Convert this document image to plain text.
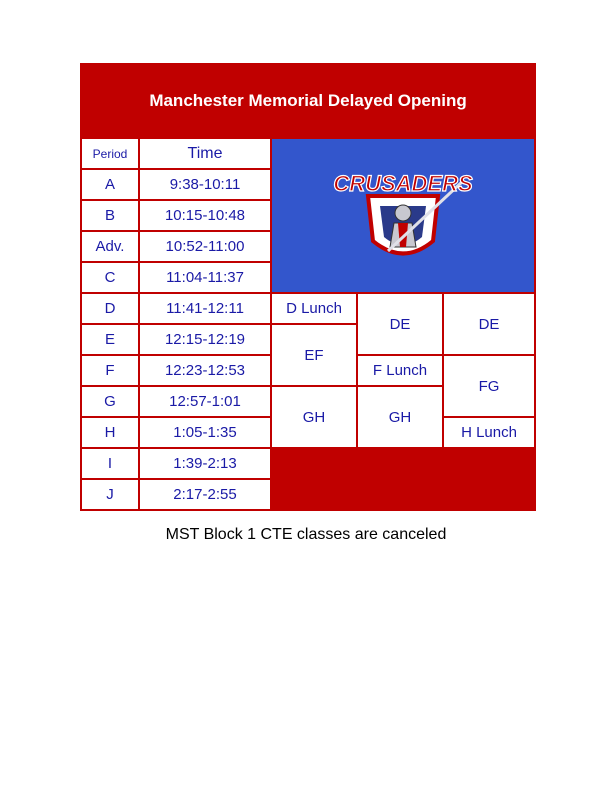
Manchester Memorial Delayed Opening				
Period	Time	CRUSADERS		

A	9:38-10:11			
B	10:15-10:48			
Adv.	10:52-11:00			
C	11:04-11:37			
D	11:41-12:11	D Lunch	DE	DE
E	12:15-12:19	EF		
F	12:23-12:53		F Lunch	FG
G	12:57-1:01	GH	GH	
H	1:05-1:35			H Lunch
I	1:39-2:13			
J	2:17-2:55			
MST Block 1 CTE classes are canceled
